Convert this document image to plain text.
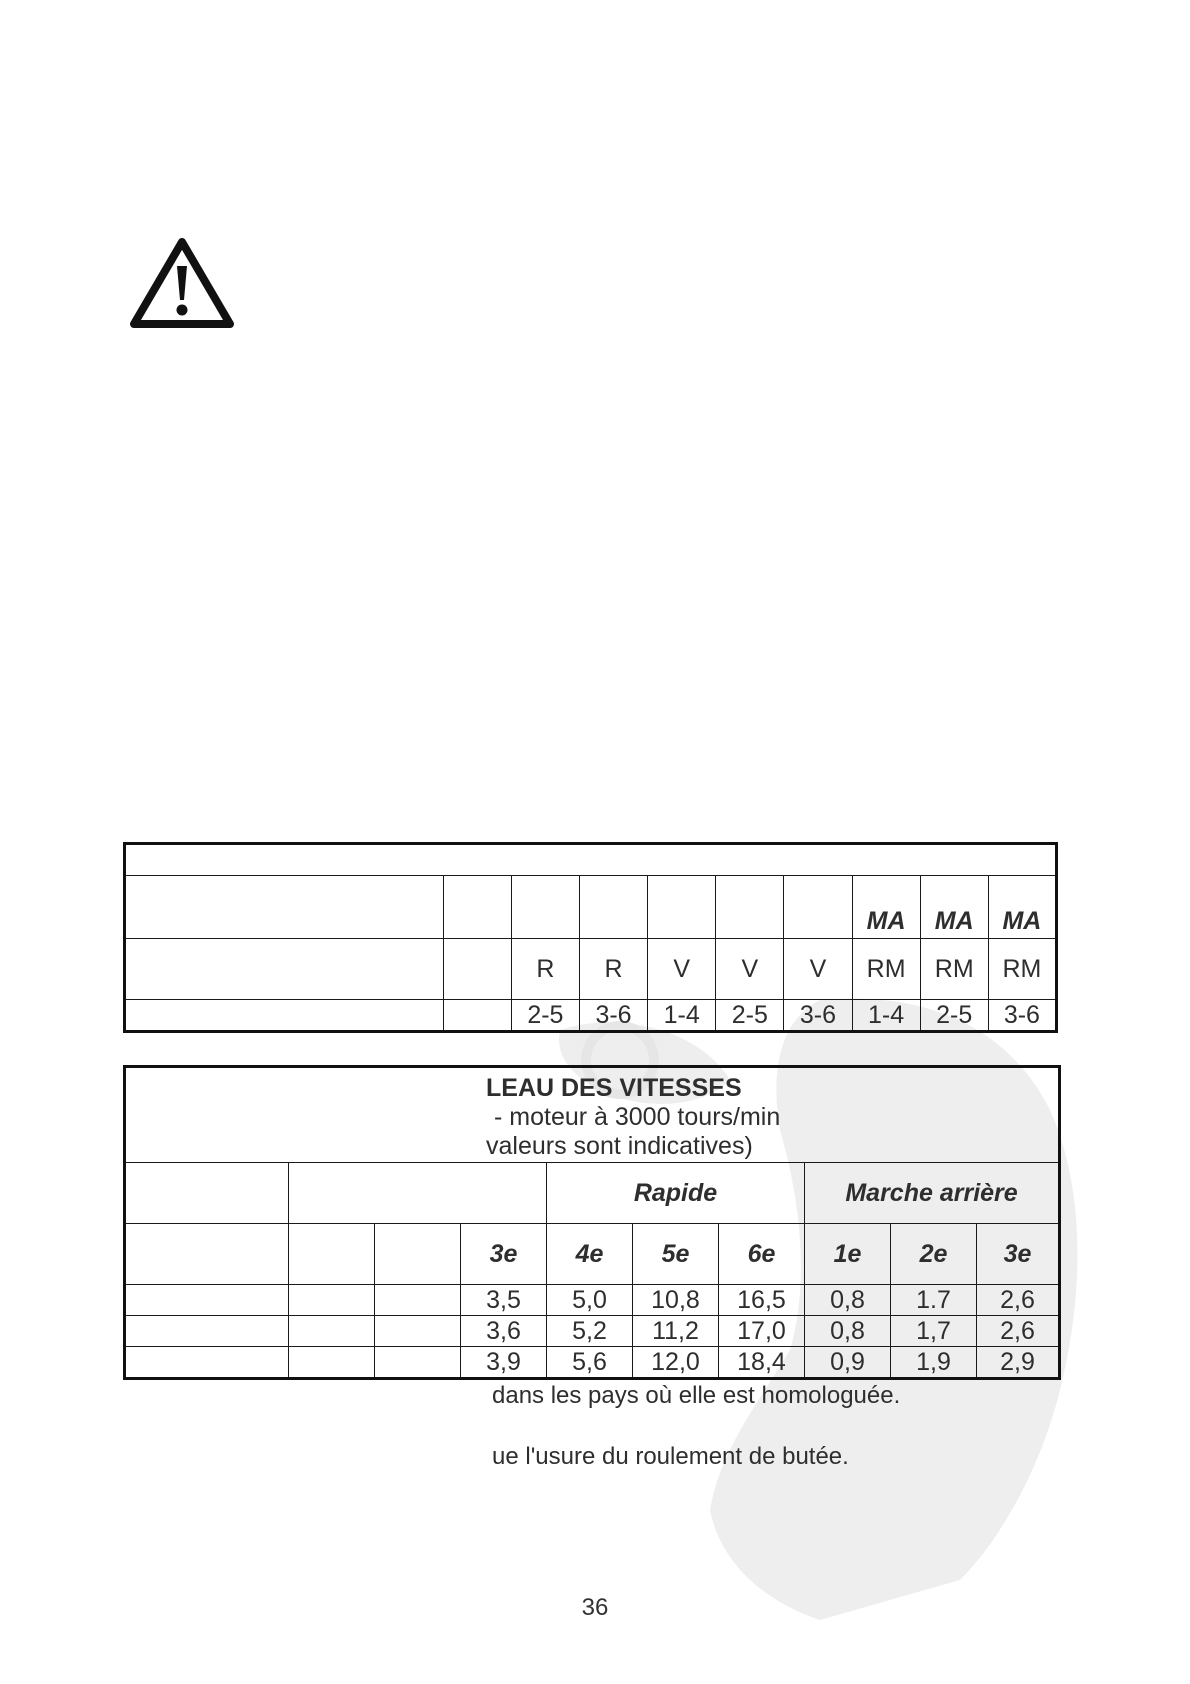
							MA	MA	MA
		R	R	V	V	V	RM	RM	RM
		2-5	3-6	1-4	2-5	3-6	1-4	2-5	3-6
LEAU DES VITESSES
- moteur à 3000 tours/min
valeurs sont indicatives)									

				Rapide			Marche arrière		
			3e	4e	5e	6e	1e	2e	3e
			3,5	5,0	10,8	16,5	0,8	1.7	2,6
			3,6	5,2	11,2	17,0	0,8	1,7	2,6
			3,9	5,6	12,0	18,4	0,9	1,9	2,9
dans les pays où elle est homologuée.
ue l'usure du roulement de butée.
36
